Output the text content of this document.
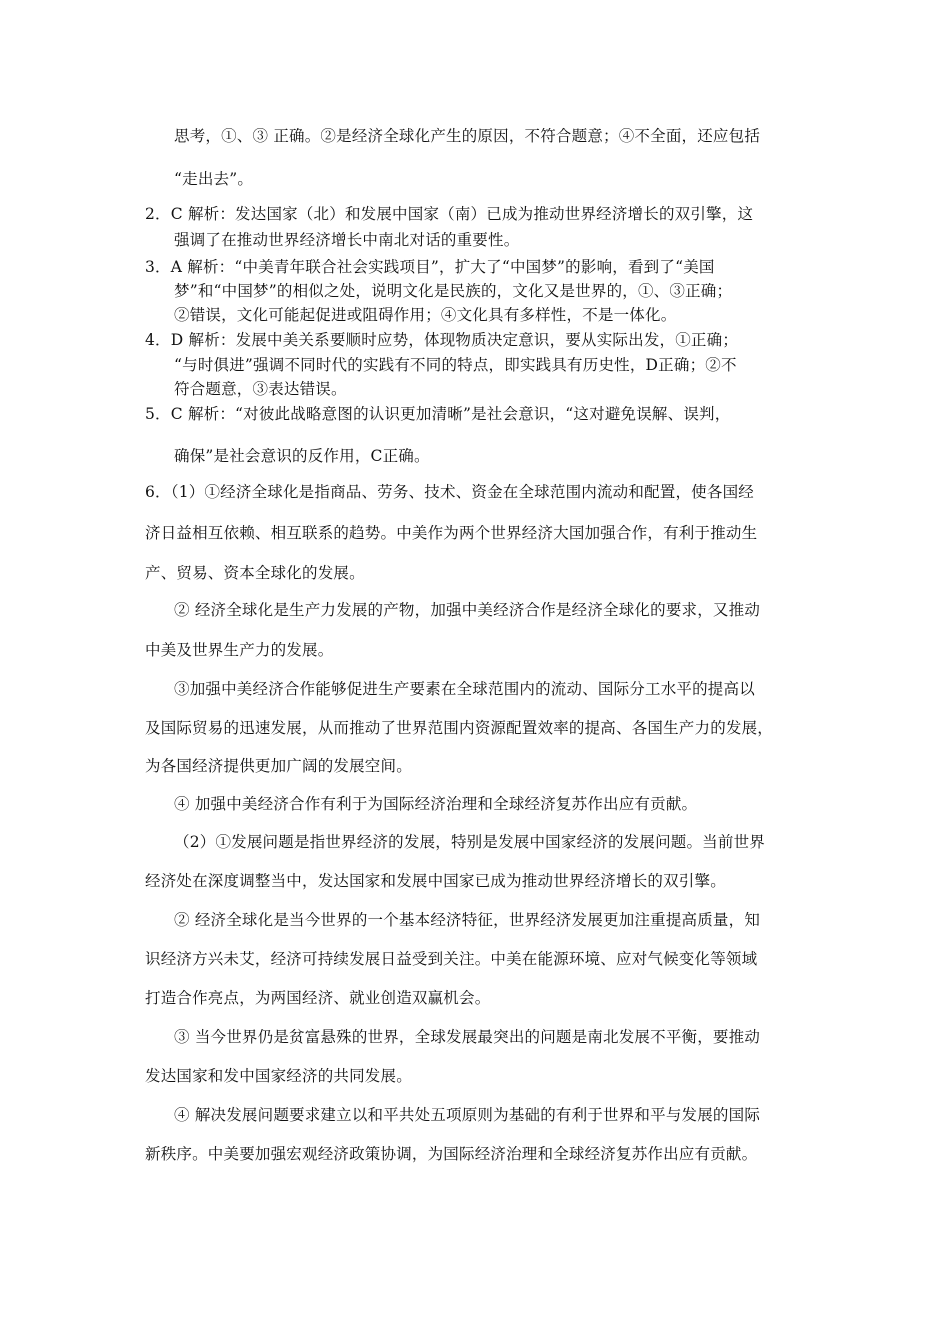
思考，①、③ 正确。②是经济全球化产生的原因，不符合题意；④不全面，还应包括
“走出去”。
2．C 解析：发达国家（北）和发展中国家（南）已成为推动世界经济增长的双引擎，这
强调了在推动世界经济增长中南北对话的重要性。
3．A 解析：“中美青年联合社会实践项目”，扩大了“中国梦”的影响，看到了“美国
梦”和“中国梦”的相似之处，说明文化是民族的，文化又是世界的，①、③正确；
②错误，文化可能起促进或阻碍作用；④文化具有多样性，不是一体化。
4．D 解析：发展中美关系要顺时应势，体现物质决定意识，要从实际出发，①正确；
“与时俱进”强调不同时代的实践有不同的特点，即实践具有历史性，D正确；②不
符合题意，③表达错误。
5．C 解析：“对彼此战略意图的认识更加清晰”是社会意识，“这对避免误解、误判，
确保”是社会意识的反作用，C正确。
6．（1）①经济全球化是指商品、劳务、技术、资金在全球范围内流动和配置，使各国经
济日益相互依赖、相互联系的趋势。中美作为两个世界经济大国加强合作，有利于推动生
产、贸易、资本全球化的发展。
② 经济全球化是生产力发展的产物，加强中美经济合作是经济全球化的要求，又推动
中美及世界生产力的发展。
③加强中美经济合作能够促进生产要素在全球范围内的流动、国际分工水平的提高以
及国际贸易的迅速发展，从而推动了世界范围内资源配置效率的提高、各国生产力的发展，
为各国经济提供更加广阔的发展空间。
④ 加强中美经济合作有利于为国际经济治理和全球经济复苏作出应有贡献。
（2）①发展问题是指世界经济的发展，特别是发展中国家经济的发展问题。当前世界
经济处在深度调整当中，发达国家和发展中国家已成为推动世界经济增长的双引擎。
② 经济全球化是当今世界的一个基本经济特征，世界经济发展更加注重提高质量，知
识经济方兴未艾，经济可持续发展日益受到关注。中美在能源环境、应对气候变化等领域
打造合作亮点，为两国经济、就业创造双赢机会。
③ 当今世界仍是贫富悬殊的世界，全球发展最突出的问题是南北发展不平衡，要推动
发达国家和发中国家经济的共同发展。
④ 解决发展问题要求建立以和平共处五项原则为基础的有利于世界和平与发展的国际
新秩序。中美要加强宏观经济政策协调，为国际经济治理和全球经济复苏作出应有贡献。
